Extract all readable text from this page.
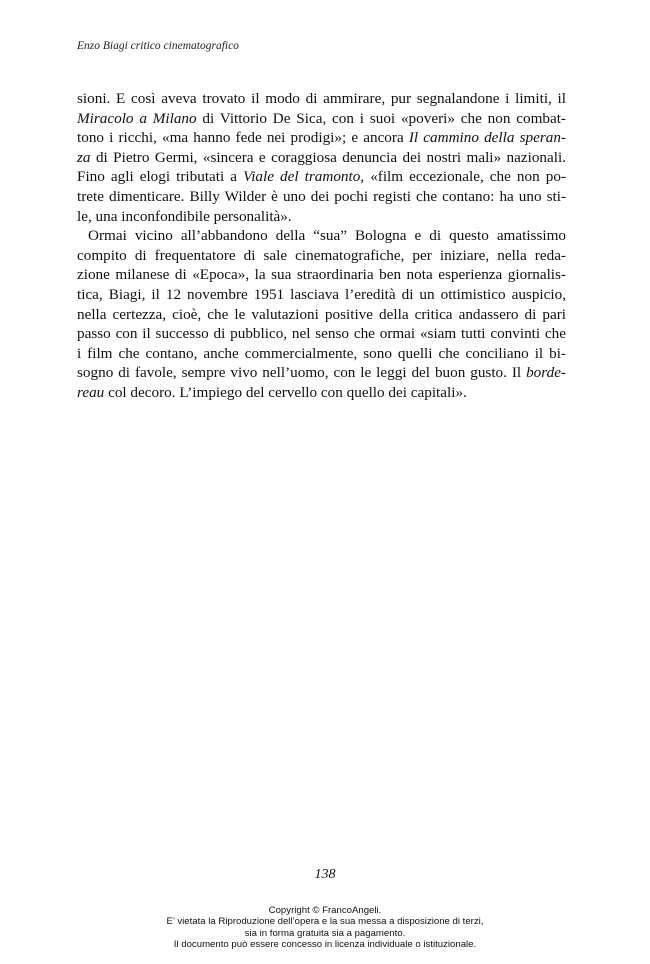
Enzo Biagi critico cinematografico

sioni. E così aveva trovato il modo di ammirare, pur segnalandone i limiti, il
Miracolo a Milano di Vittorio De Sica, con i suoi «poveri» che non combat-
tono i ricchi, «ma hanno fede nei prodigi»; e ancora Il cammino della speran-
za di Pietro Germi, «sincera e coraggiosa denuncia dei nostri mali» nazionali.
Fino agli elogi tributati a Viale del tramonto, «film eccezionale, che non po-
trete dimenticare. Billy Wilder è uno dei pochi registi che contano: ha uno sti-
le, una inconfondibile personalità».

Ormai vicino all’abbandono della “sua” Bologna e di questo amatissimo
compito di frequentatore di sale cinematografiche, per iniziare, nella reda-
zione milanese di «Epoca», la sua straordinaria ben nota esperienza giornalis-
tica, Biagi, il 12 novembre 1951 lasciava l’eredità di un ottimistico auspicio,
nella certezza, cioè, che le valutazioni positive della critica andassero di pari
passo con il successo di pubblico, nel senso che ormai «siam tutti convinti che
i film che contano, anche commercialmente, sono quelli che conciliano il bi-
sogno di favole, sempre vivo nell’uomo, con le leggi del buon gusto. Il borde-
reau col decoro. L’impiego del cervello con quello dei capitali».

138
Copyright © FrancoAngeli.
E’ vietata la Riproduzione dell’opera e la sua messa a disposizione di terzi,
sia in forma gratuita sia a pagamento.
Il documento può essere concesso in licenza individuale o istituzionale.
